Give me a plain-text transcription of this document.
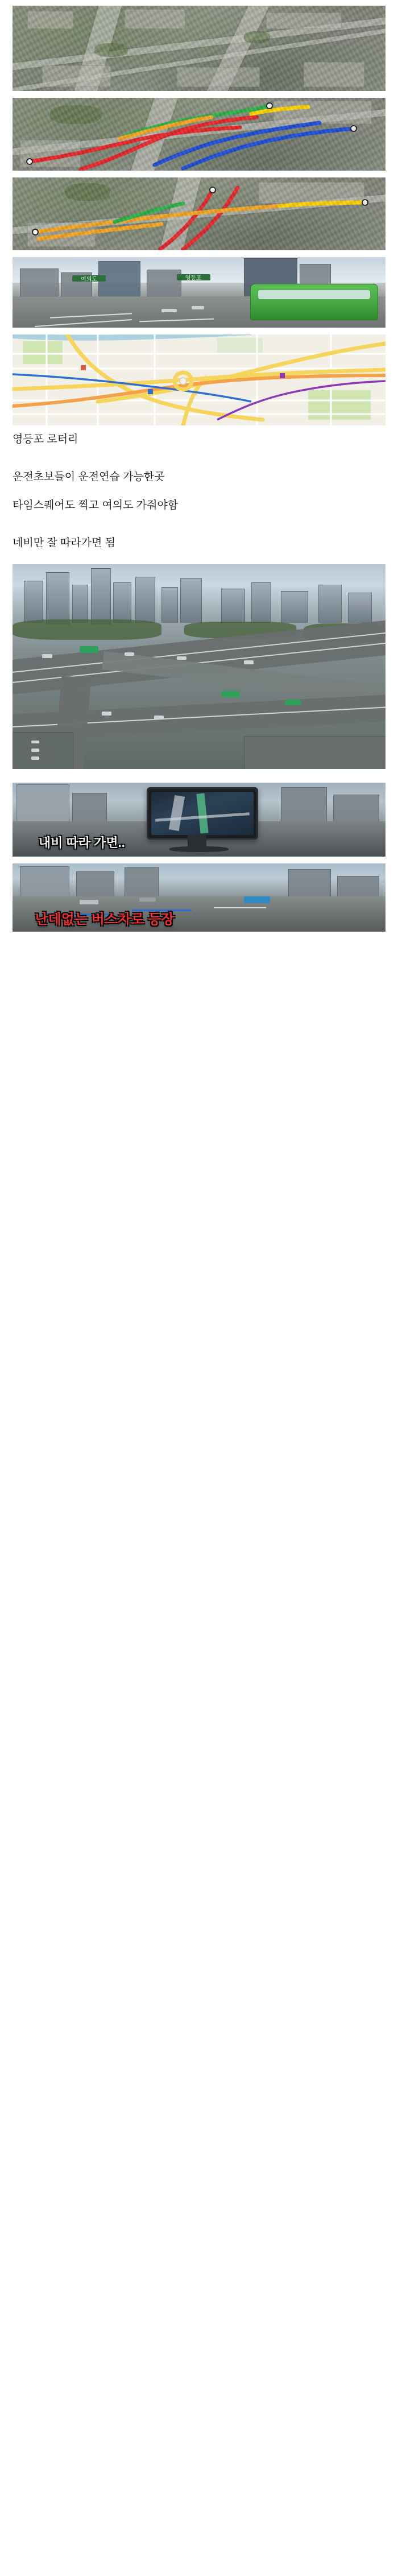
여의도	영등포
영등포 로터리
운전초보들이 운전연습 가능한곳
타임스퀘어도 찍고 여의도 가줘야함
네비만 잘 따라가면 됨
내비 따라 가면..
난데없는 버스차로 등장
